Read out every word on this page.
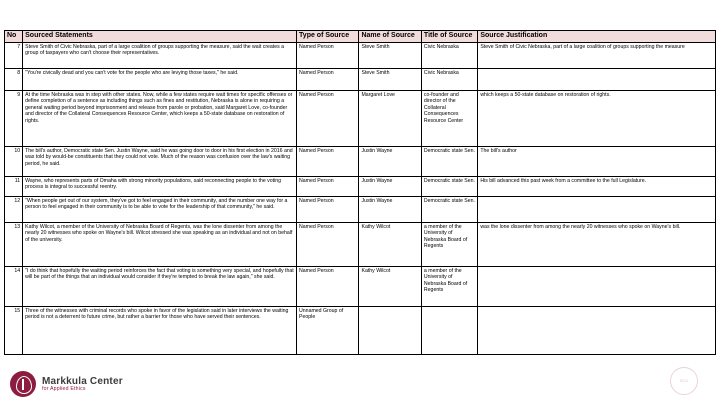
No	Sourced Statements	Type of Source	Name of Source	Title of Source	Source Justification
7	Steve Smith of Civic Nebraska, part of a large coalition of groups supporting the measure, said the wait creates a group of taxpayers who can't choose their representatives.	Named Person	Steve Smith	Civic Nebraska	Steve Smith of Civic Nebraska, part of a large coalition of groups supporting the measure
8	"You're civically dead and you can't vote for the people who are levying those taxes," he said.	Named Person	Steve Smith	Civic Nebraska	
9	At the time Nebraska was in step with other states. Now, while a few states require wait times for specific offenses or define completion of a sentence as including things such as fines and restitution, Nebraska is alone in requiring a general waiting period beyond imprisonment and release from parole or probation, said Margaret Love, co-founder and director of the Collateral Consequences Resource Center, which keeps a 50-state database on restoration of rights.	Named Person	Margaret Love	co-founder and director of the Collateral Consequences Resource Center	which keeps a 50-state database on restoration of rights.
10	The bill's author, Democratic state Sen. Justin Wayne, said he was going door to door in his first election in 2016 and was told by would-be constituents that they could not vote. Much of the reason was confusion over the law's waiting period, he said.	Named Person	Justin Wayne	Democratic state Sen.	The bill's author
11	Wayne, who represents parts of Omaha with strong minority populations, said reconnecting people to the voting process is integral to successful reentry.	Named Person	Justin Wayne	Democratic state Sen.	His bill advanced this past week from a committee to the full Legislature.
12	"When people get out of our system, they've got to feel engaged in their community, and the number one way for a person to feel engaged in their community is to be able to vote for the leadership of that community," he said.	Named Person	Justin Wayne	Democratic state Sen.	
13	Kathy Wilcot, a member of the University of Nebraska Board of Regents, was the lone dissenter from among the nearly 20 witnesses who spoke on Wayne's bill. Wilcot stressed she was speaking as an individual and not on behalf of the university.	Named Person	Kathy Wilcot	a member of the University of Nebraska Board of Regents	was the lone dissenter from among the nearly 20 witnesses who spoke on Wayne's bill.
14	"I do think that hopefully the waiting period reinforces the fact that voting is something very special, and hopefully that will be part of the things that an individual would consider if they're tempted to break the law again," she said.	Named Person	Kathy Wilcot	a member of the University of Nebraska Board of Regents	
15	Three of the witnesses with criminal records who spoke in favor of the legislation said in later interviews the waiting period is not a deterrent to future crime, but rather a barrier for those who have served their sentences.	Unnamed Group of People			
Markkula Center
for Applied Ethics
SCU
